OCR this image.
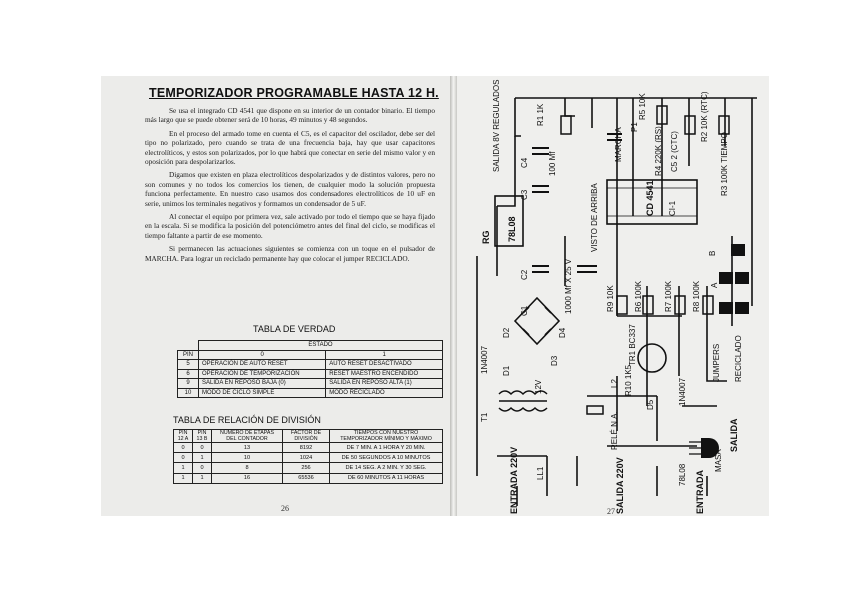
TEMPORIZADOR PROGRAMABLE HASTA 12 H.

Se usa el integrado CD 4541 que dispone en su interior de un contador binario. El tiempo más largo que se puede obtener será de 10 horas, 49 minutos y 48 segundos.

En el proceso del armado tome en cuenta el C5, es el capacitor del oscilador, debe ser del tipo no polarizado, pero cuando se trata de una frecuencia baja, hay que usar capacitores electrolíticos, y estos son polarizados, por lo que habrá que conectar en serie del mismo valor y en oposición para despolarizarlos.

Digamos que existen en plaza electrolíticos despolarizados y de distintos valores, pero no son comunes y no todos los comercios los tienen, de cualquier modo la solución propuesta funciona perfectamente. En nuestro caso usamos dos condensadores electrolíticos de 10 uF en serie, unimos los terminales negativos y formamos un condensador de 5 uF.

Al conectar el equipo por primera vez, sale activado por todo el tiempo que se haya fijado en la escala. Si se modifica la posición del potenciómetro antes del final del ciclo, se modificas el tiempo faltante a partir de ese momento.

Si permanecen las actuaciones siguientes se comienza con un toque en el pulsador de MARCHA. Para lograr un reciclado permanente hay que colocar el jumper RECICLADO.

TABLA DE VERDAD
	ESTADO	
PIN	0	1
5	OPERACIÓN DE AUTO RESET	AUTO RESET DESACTIVADO
6	OPERACIÓN DE TEMPORIZACIÓN	RESET MAESTRO ENCENDIDO
9	SALIDA EN REPOSO BAJA (0)	SALIDA EN REPOSO ALTA (1)
10	MODO DE CICLO SIMPLE	MODO RECICLADO
TABLA DE RELACIÓN DE DIVISIÓN
PIN 12 A	PIN 13 B	NÚMERO DE ETAPAS DEL CONTADOR	FACTOR DE DIVISIÓN	TIEMPOS CON NUESTRO TEMPORIZADOR MÍNIMO Y MÁXIMO
0	0	13	8192	DE 7 MIN. A 1 HORA Y 20 MIN.
0	1	10	1024	DE 50 SEGUNDOS A 10 MINUTOS
1	0	8	256	DE 14 SEG. A 2 MIN. Y 30 SEG.
1	1	16	65536	DE 60 MINUTOS A 11 HORAS
26
SALIDA 8V REGULADOS
RG 78L08
R1 1K
C4 100 Mf
C3
C2
C1	1000 Mf X 25 V
D2	D4
D1
D3
1N4007
12V
T1
ENTRADA 220V LL1	SALIDA 220V
RELÉ N.A.
MARCHA
P1
R5 10K
R4 220K (RS) C5 2 (CTC)
R2 10K (RTC)
R3 100K TIEMPO
CD 4541 CI-1
VISTO DE ARRIBA
R9 10K R6 100K	R7 100K R8 100K
TR1 BC337
L2 R10 1K5
D5	1N4007
JUMPERS RECICLADO
A
B
78L08 ENTRADA
MASA
SALIDA
27
